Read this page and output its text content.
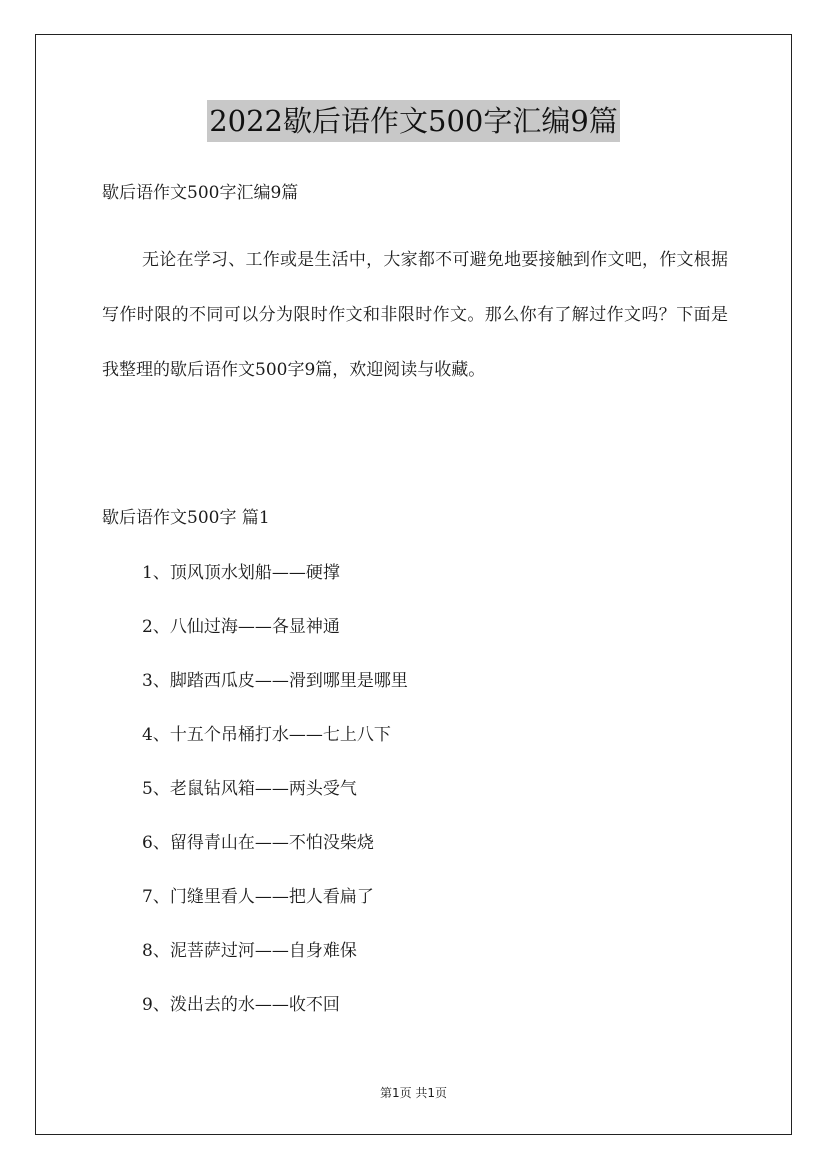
2022歇后语作文500字汇编9篇
歇后语作文500字汇编9篇

无论在学习、工作或是生活中，大家都不可避免地要接触到作文吧，作文根据写作时限的不同可以分为限时作文和非限时作文。那么你有了解过作文吗？下面是我整理的歇后语作文500字9篇，欢迎阅读与收藏。

歇后语作文500字 篇1
1、顶风顶水划船——硬撑
2、八仙过海——各显神通
3、脚踏西瓜皮——滑到哪里是哪里
4、十五个吊桶打水——七上八下
5、老鼠钻风箱——两头受气
6、留得青山在——不怕没柴烧
7、门缝里看人——把人看扁了
8、泥菩萨过河——自身难保
9、泼出去的水——收不回
第1页 共1页
